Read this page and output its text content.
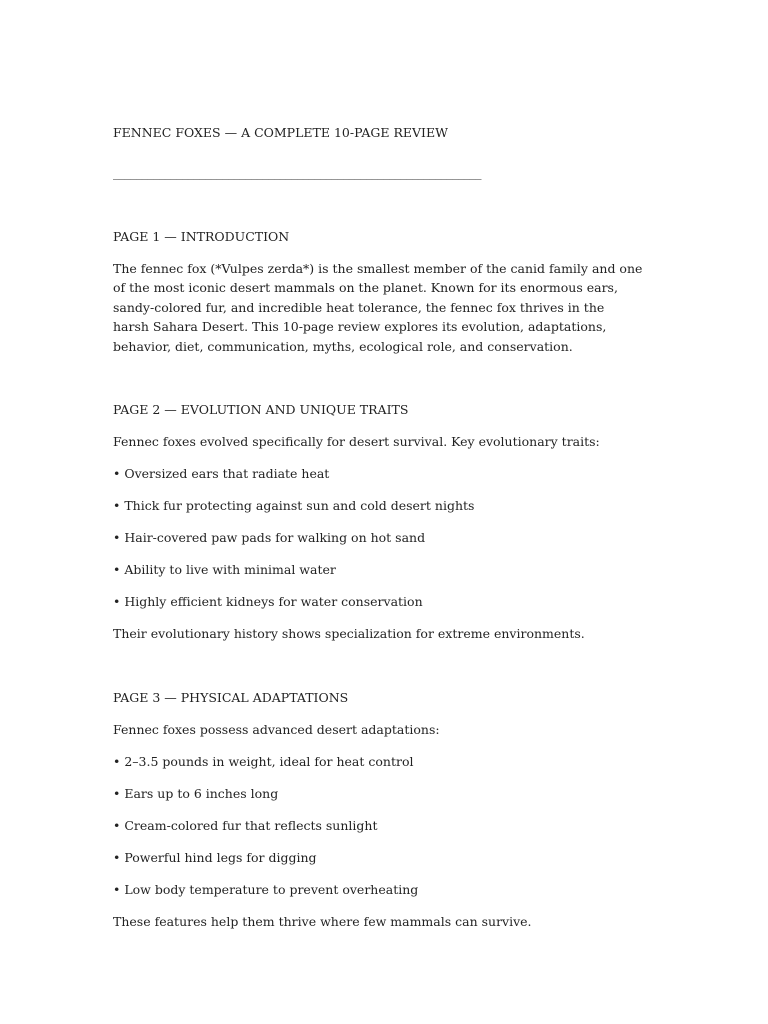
FENNEC FOXES — A COMPLETE 10-PAGE REVIEW
________________________________________________________________
PAGE 1 — INTRODUCTION

The fennec fox (*Vulpes zerda*) is the smallest member of the canid family and one of the most iconic desert mammals on the planet. Known for its enormous ears, sandy-colored fur, and incredible heat tolerance, the fennec fox thrives in the harsh Sahara Desert. This 10-page review explores its evolution, adaptations, behavior, diet, communication, myths, ecological role, and conservation.

PAGE 2 — EVOLUTION AND UNIQUE TRAITS

Fennec foxes evolved specifically for desert survival. Key evolutionary traits:

• Oversized ears that radiate heat

• Thick fur protecting against sun and cold desert nights

• Hair-covered paw pads for walking on hot sand

• Ability to live with minimal water

• Highly efficient kidneys for water conservation

Their evolutionary history shows specialization for extreme environments.

PAGE 3 — PHYSICAL ADAPTATIONS

Fennec foxes possess advanced desert adaptations:

• 2–3.5 pounds in weight, ideal for heat control

• Ears up to 6 inches long

• Cream-colored fur that reflects sunlight

• Powerful hind legs for digging

• Low body temperature to prevent overheating

These features help them thrive where few mammals can survive.
